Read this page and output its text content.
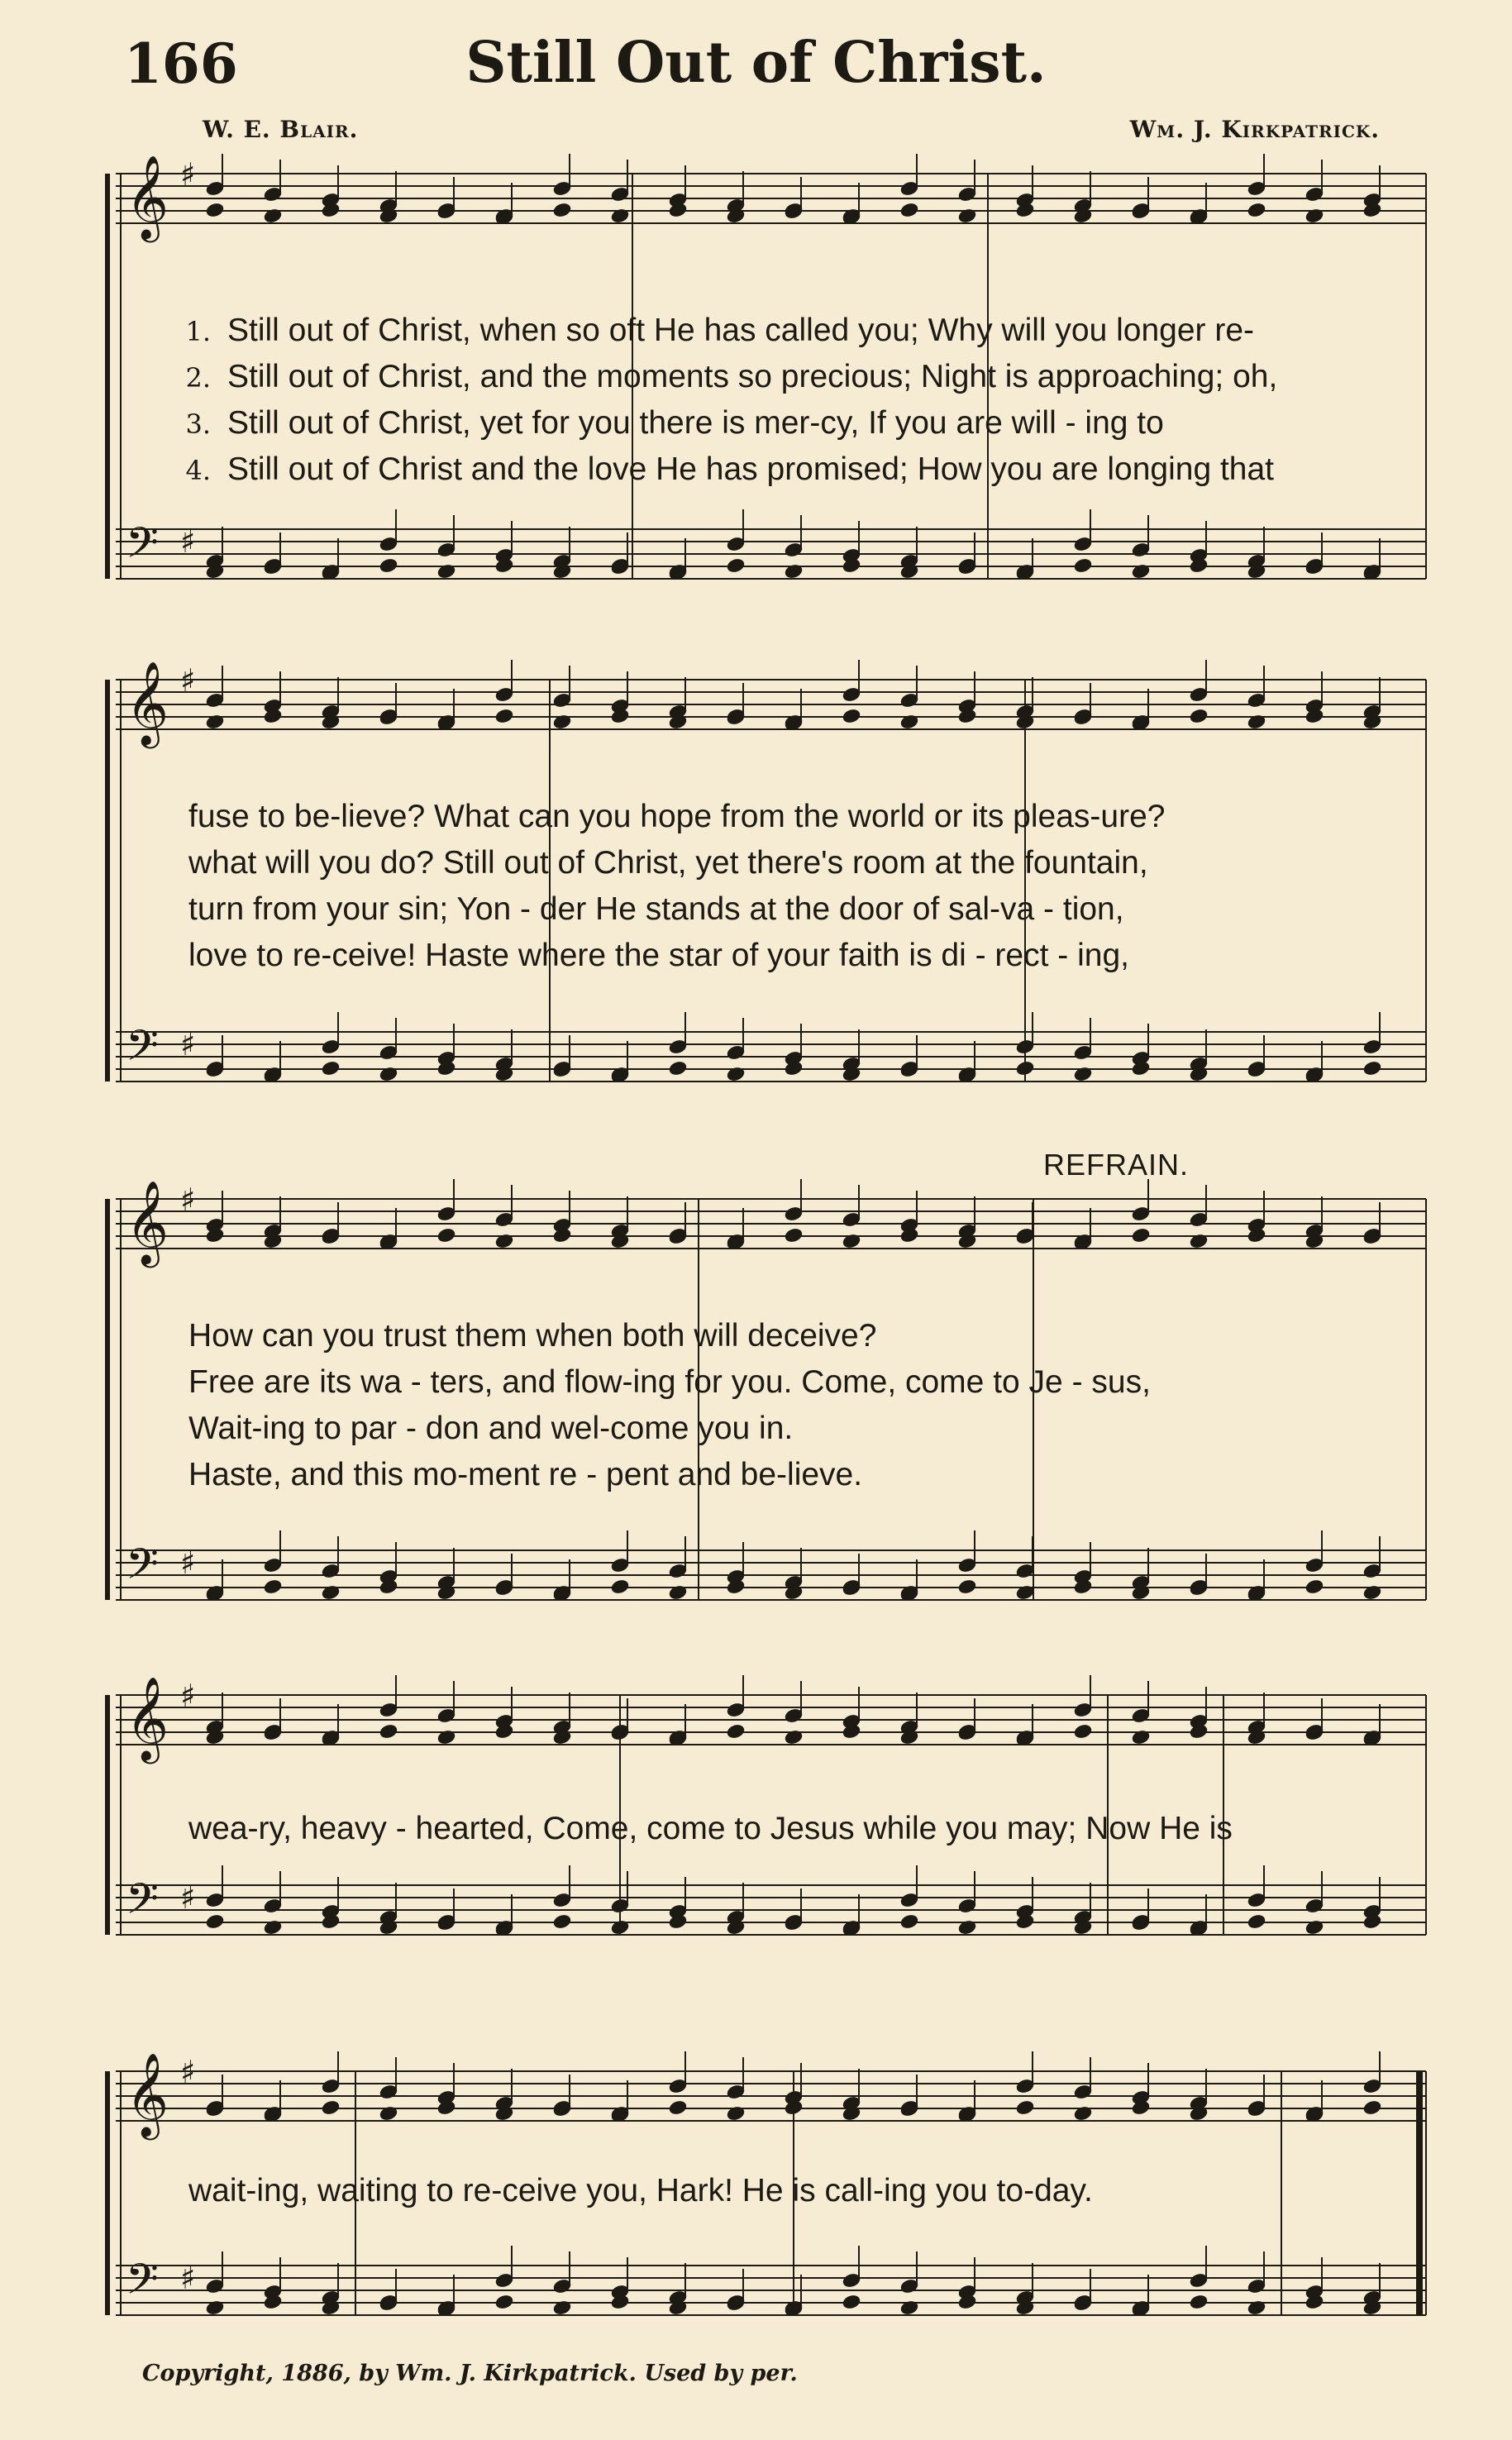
166	Still Out of Christ.
W. E. Blair.	Wm. J. Kirkpatrick.
𝄞 ♯
𝄢 ♯
𝄞 ♯
𝄢 ♯
𝄞 ♯
𝄢 ♯
𝄞 ♯
𝄢 ♯
𝄞 ♯
𝄢 ♯
1. Still out of Christ, when so oft He has called you; Why will you longer re-
2. Still out of Christ, and the moments so precious; Night is approaching; oh,
3. Still out of Christ, yet for you there is mer-cy, If you are will - ing to
4. Still out of Christ and the love He has promised; How you are longing that
fuse to be-lieve? What can you hope from the world or its pleas-ure?
what will you do? Still out of Christ, yet there's room at the fountain,
turn from your sin; Yon - der He stands at the door of sal-va - tion,
love to re-ceive! Haste where the star of your faith is di - rect - ing,
REFRAIN.
How can you trust them when both will deceive?
Free are its wa - ters, and flow-ing for you. Come, come to Je - sus,
Wait-ing to par - don and wel-come you in.
Haste, and this mo-ment re - pent and be-lieve.
wea-ry, heavy - hearted, Come, come to Jesus while you may; Now He is
wait-ing, waiting to re-ceive you, Hark! He is call-ing you to-day.
Copyright, 1886, by Wm. J. Kirkpatrick. Used by per.
